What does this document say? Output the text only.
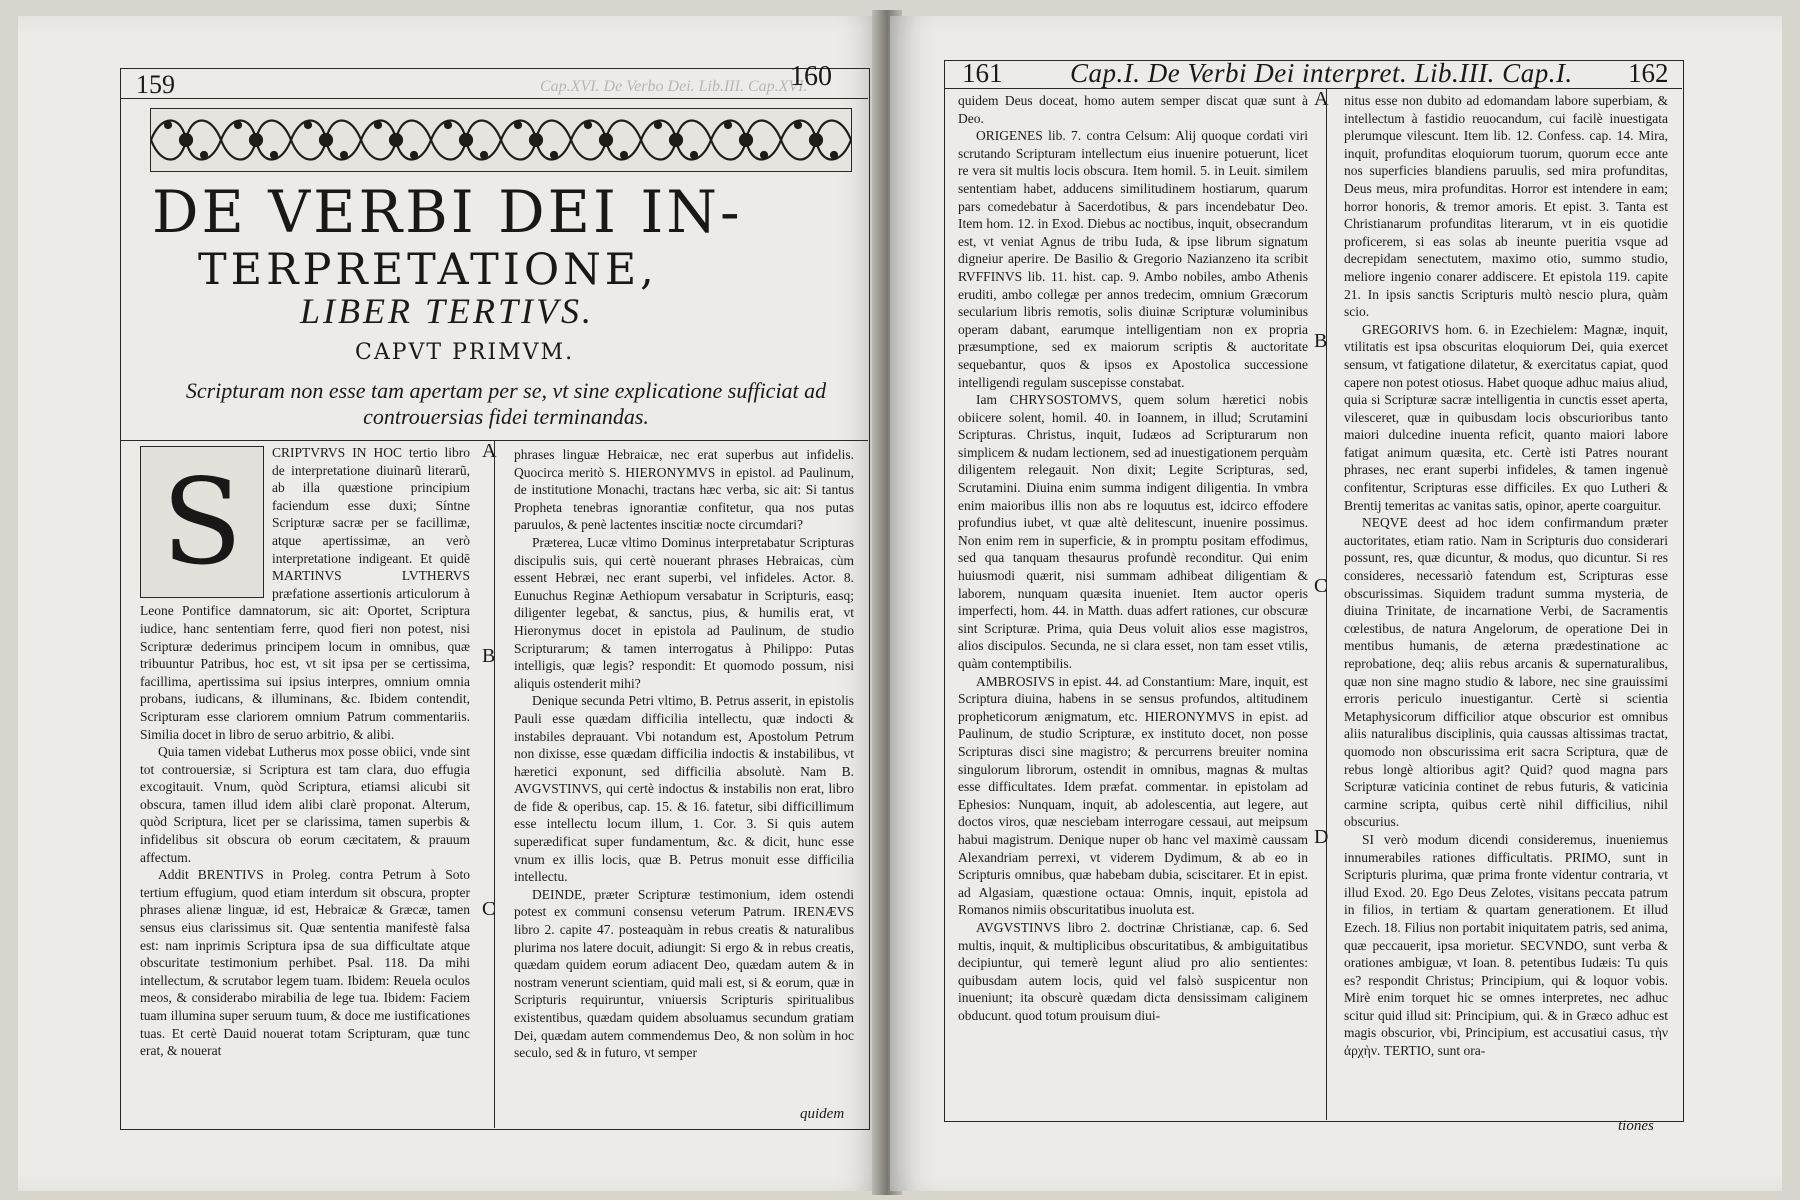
159	Cap.XVI. De Verbo Dei. Lib.III. Cap.XVI.
160
DE VERBI DEI IN-
TERPRETATIONE,
LIBER TERTIVS.
CAPVT PRIMVM.
Scripturam non esse tam apertam per se, vt sine explicatione sufficiat ad controuersias fidei terminandas.
S

CRIPTVRVS IN HOC tertio libro de interpretatione diuinarũ literarũ, ab illa quæstione principium faciendum esse duxi; Síntne Scripturæ sacræ per se facillimæ, atque apertissimæ, an verò interpretatione indigeant. Et quidē MARTINVS LVTHERVS præfatione assertionis articulorum à Leone Pontifice damnatorum, sic ait: Oportet, Scriptura iudice, hanc sententiam ferre, quod fieri non potest, nisi Scripturæ dederimus principem locum in omnibus, quæ tribuuntur Patribus, hoc est, vt sit ipsa per se certissima, facillima, apertissima sui ipsius interpres, omnium omnia probans, iudicans, & illuminans, &c. Ibidem contendit, Scripturam esse clariorem omnium Patrum commentariis. Similia docet in libro de seruo arbitrio, & alibi.

Quia tamen videbat Lutherus mox posse obiici, vnde sint tot controuersiæ, si Scriptura est tam clara, duo effugia excogitauit. Vnum, quòd Scriptura, etiamsi alicubi sit obscura, tamen illud idem alibi clarè proponat. Alterum, quòd Scriptura, licet per se clarissima, tamen superbis & infidelibus sit obscura ob eorum cæcitatem, & prauum affectum.

Addit BRENTIVS in Proleg. contra Petrum à Soto tertium effugium, quod etiam interdum sit obscura, propter phrases alienæ linguæ, id est, Hebraicæ & Græcæ, tamen sensus eius clarissimus sit. Quæ sententia manifestè falsa est: nam inprimis Scriptura ipsa de sua difficultate atque obscuritate testimonium perhibet. Psal. 118. Da mihi intellectum, & scrutabor legem tuam. Ibidem: Reuela oculos meos, & considerabo mirabilia de lege tua. Ibidem: Faciem tuam illumina super seruum tuum, & doce me iustificationes tuas. Et certè Dauid nouerat totam Scripturam, quæ tunc erat, & nouerat

A
B
C

phrases linguæ Hebraicæ, nec erat superbus aut infidelis. Quocirca meritò S. HIERONYMVS in epistol. ad Paulinum, de institutione Monachi, tractans hæc verba, sic ait: Si tantus Propheta tenebras ignorantiæ confitetur, qua nos putas paruulos, & penè lactentes inscitiæ nocte circumdari?

Præterea, Lucæ vltimo Dominus interpretabatur Scripturas discipulis suis, qui certè nouerant phrases Hebraicas, cùm essent Hebræi, nec erant superbi, vel infideles. Actor. 8. Eunuchus Reginæ Aethiopum versabatur in Scripturis, easq; diligenter legebat, & sanctus, pius, & humilis erat, vt Hieronymus docet in epistola ad Paulinum, de studio Scripturarum; & tamen interrogatus à Philippo: Putas intelligis, quæ legis? respondit: Et quomodo possum, nisi aliquis ostenderit mihi?

Denique secunda Petri vltimo, B. Petrus asserit, in epistolis Pauli esse quædam difficilia intellectu, quæ indocti & instabiles deprauant. Vbi notandum est, Apostolum Petrum non dixisse, esse quædam difficilia indoctis & instabilibus, vt hæretici exponunt, sed difficilia absolutè. Nam B. AVGVSTINVS, qui certè indoctus & instabilis non erat, libro de fide & operibus, cap. 15. & 16. fatetur, sibi difficillimum esse intellectu locum illum, 1. Cor. 3. Si quis autem superædificat super fundamentum, &c. & dicit, hunc esse vnum ex illis locis, quæ B. Petrus monuit esse difficilia intellectu.

DEINDE, præter Scripturæ testimonium, idem ostendi potest ex communi consensu veterum Patrum. IRENÆVS libro 2. capite 47. posteaquàm in rebus creatis & naturalibus plurima nos latere docuit, adiungit: Si ergo & in rebus creatis, quædam quidem eorum adiacent Deo, quædam autem & in nostram venerunt scientiam, quid mali est, si & eorum, quæ in Scripturis requiruntur, vniuersis Scripturis spiritualibus existentibus, quædam quidem absoluamus secundum gratiam Dei, quædam autem commendemus Deo, & non solùm in hoc seculo, sed & in futuro, vt semper

quidem
161	Cap.I. De Verbi Dei interpret. Lib.III. Cap.I. 162

quidem Deus doceat, homo autem semper discat quæ sunt à Deo.

ORIGENES lib. 7. contra Celsum: Alij quoque cordati viri scrutando Scripturam intellectum eius inuenire potuerunt, licet re vera sit multis locis obscura. Item homil. 5. in Leuit. similem sententiam habet, adducens similitudinem hostiarum, quarum pars comedebatur à Sacerdotibus, & pars incendebatur Deo. Item hom. 12. in Exod. Diebus ac noctibus, inquit, obsecrandum est, vt veniat Agnus de tribu Iuda, & ipse librum signatum digneiur aperire. De Basilio & Gregorio Nazianzeno ita scribit RVFFINVS lib. 11. hist. cap. 9. Ambo nobiles, ambo Athenis eruditi, ambo collegæ per annos tredecim, omnium Græcorum secularium libris remotis, solis diuinæ Scripturæ voluminibus operam dabant, earumque intelligentiam non ex propria præsumptione, sed ex maiorum scriptis & auctoritate sequebantur, quos & ipsos ex Apostolica successione intelligendi regulam suscepisse constabat.

Iam CHRYSOSTOMVS, quem solum hæretici nobis obiicere solent, homil. 40. in Ioannem, in illud; Scrutamini Scripturas. Christus, inquit, Iudæos ad Scripturarum non simplicem & nudam lectionem, sed ad inuestigationem perquàm diligentem relegauit. Non dixit; Legite Scripturas, sed, Scrutamini. Diuina enim summa indigent diligentia. In vmbra enim maioribus illis non abs re loquutus est, idcirco effodere profundius iubet, vt quæ altè delitescunt, inuenire possimus. Non enim rem in superficie, & in promptu positam effodimus, sed qua tanquam thesaurus profundè reconditur. Qui enim huiusmodi quærit, nisi summam adhibeat diligentiam & laborem, nunquam quæsita inueniet. Item auctor operis imperfecti, hom. 44. in Matth. duas adfert rationes, cur obscuræ sint Scripturæ. Prima, quia Deus voluit alios esse magistros, alios discipulos. Secunda, ne si clara esset, non tam esset vtilis, quàm contemptibilis.

AMBROSIVS in epist. 44. ad Constantium: Mare, inquit, est Scriptura diuina, habens in se sensus profundos, altitudinem propheticorum ænigmatum, etc. HIERONYMVS in epist. ad Paulinum, de studio Scripturæ, ex instituto docet, non posse Scripturas disci sine magistro; & percurrens breuiter nomina singulorum librorum, ostendit in omnibus, magnas & multas esse difficultates. Idem præfat. commentar. in epistolam ad Ephesios: Nunquam, inquit, ab adolescentia, aut legere, aut doctos viros, quæ nesciebam interrogare cessaui, aut meipsum habui magistrum. Denique nuper ob hanc vel maximè caussam Alexandriam perrexi, vt viderem Dydimum, & ab eo in Scripturis omnibus, quæ habebam dubia, sciscitarer. Et in epist. ad Algasiam, quæstione octaua: Omnis, inquit, epistola ad Romanos nimiis obscuritatibus inuoluta est.

AVGVSTINVS libro 2. doctrinæ Christianæ, cap. 6. Sed multis, inquit, & multiplicibus obscuritatibus, & ambiguitatibus decipiuntur, qui temerè legunt aliud pro alio sentientes: quibusdam autem locis, quid vel falsò suspicentur non inueniunt; ita obscurè quædam dicta densissimam caliginem obducunt. quod totum prouisum diui-

A
B
C
D

nitus esse non dubito ad edomandam labore superbiam, & intellectum à fastidio reuocandum, cui facilè inuestigata plerumque vilescunt. Item lib. 12. Confess. cap. 14. Mira, inquit, profunditas eloquiorum tuorum, quorum ecce ante nos superficies blandiens paruulis, sed mira profunditas, Deus meus, mira profunditas. Horror est intendere in eam; horror honoris, & tremor amoris. Et epist. 3. Tanta est Christianarum profunditas literarum, vt in eis quotidie proficerem, si eas solas ab ineunte pueritia vsque ad decrepidam senectutem, maximo otio, summo studio, meliore ingenio conarer addiscere. Et epistola 119. capite 21. In ipsis sanctis Scripturis multò nescio plura, quàm scio.

GREGORIVS hom. 6. in Ezechielem: Magnæ, inquit, vtilitatis est ipsa obscuritas eloquiorum Dei, quia exercet sensum, vt fatigatione dilatetur, & exercitatus capiat, quod capere non potest otiosus. Habet quoque adhuc maius aliud, quia si Scripturæ sacræ intelligentia in cunctis esset aperta, vilesceret, quæ in quibusdam locis obscurioribus tanto maiori dulcedine inuenta reficit, quanto maiori labore fatigat animum quæsita, etc. Certè isti Patres nourant phrases, nec erant superbi infideles, & tamen ingenuè confitentur, Scripturas esse difficiles. Ex quo Lutheri & Brentij temeritas ac vanitas satis, opinor, aperte coarguitur.

NEQVE deest ad hoc idem confirmandum præter auctoritates, etiam ratio. Nam in Scripturis duo considerari possunt, res, quæ dicuntur, & modus, quo dicuntur. Si res consideres, necessariò fatendum est, Scripturas esse obscurissimas. Siquidem tradunt summa mysteria, de diuina Trinitate, de incarnatione Verbi, de Sacramentis cœlestibus, de natura Angelorum, de operatione Dei in mentibus humanis, de æterna prædestinatione ac reprobatione, deq; aliis rebus arcanis & supernaturalibus, quæ non sine magno studio & labore, nec sine grauissimi erroris periculo inuestigantur. Certè si scientia Metaphysicorum difficilior atque obscurior est omnibus aliis naturalibus disciplinis, quia caussas altissimas tractat, quomodo non obscurissima erit sacra Scriptura, quæ de rebus longè altioribus agit? Quid? quod magna pars Scripturæ vaticinia continet de rebus futuris, & vaticinia carmine scripta, quibus certè nihil difficilius, nihil obscurius.

SI verò modum dicendi consideremus, inueniemus innumerabiles rationes difficultatis. PRIMO, sunt in Scripturis plurima, quæ prima fronte videntur contraria, vt illud Exod. 20. Ego Deus Zelotes, visitans peccata patrum in filios, in tertiam & quartam generationem. Et illud Ezech. 18. Filius non portabit iniquitatem patris, sed anima, quæ peccauerit, ipsa morietur. SECVNDO, sunt verba & orationes ambiguæ, vt Ioan. 8. petentibus Iudæis: Tu quis es? respondit Christus; Principium, qui & loquor vobis. Mirè enim torquet hic se omnes interpretes, nec adhuc scitur quid illud sit: Principium, qui. & in Græco adhuc est magis obscurior, vbi, Principium, est accusatiui casus, τὴν ἀρχὴν. TERTIO, sunt ora-

tiones
